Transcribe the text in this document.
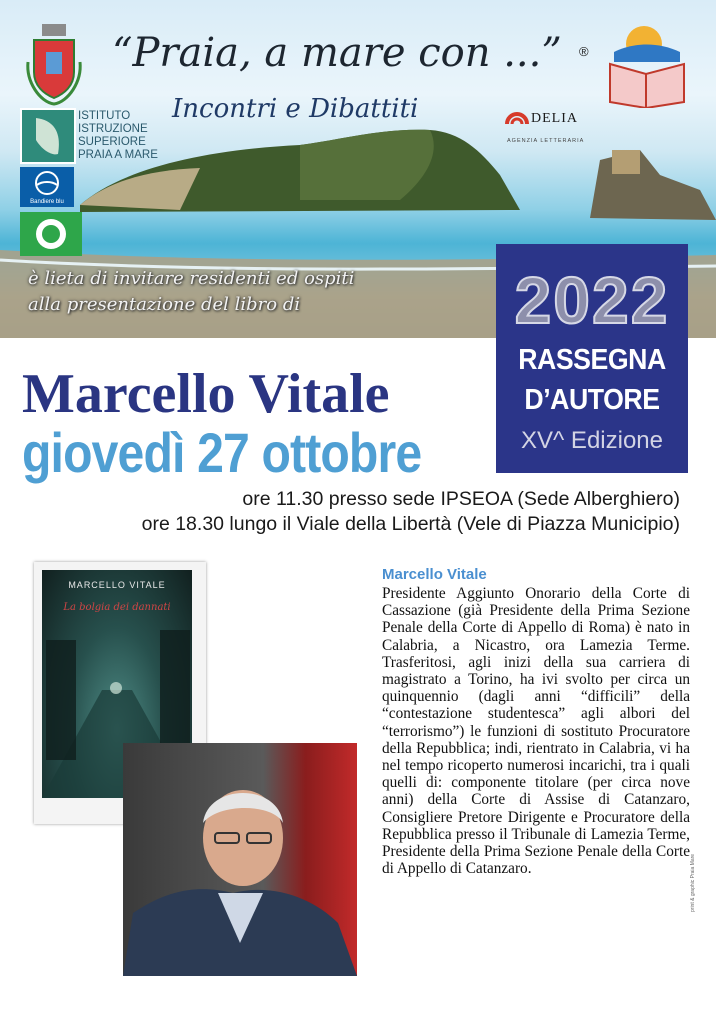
“Praia, a mare con ...” ®
Incontri e Dibattiti
ISTITUTO
ISTRUZIONE
SUPERIORE
PRAIA A MARE
Bandiere blu
DELIA
AGENZIA LETTERARIA
è lieta di invitare residenti ed ospiti
alla presentazione del libro di	2022
RASSEGNA
D’AUTORE
XV^ Edizione
Marcello Vitale
giovedì 27 ottobre
ore 11.30 presso sede IPSEOA (Sede Alberghiero)
ore 18.30 lungo il Viale della Libertà (Vele di Piazza Municipio)
MARCELLO VITALE
La bolgia dei dannati
Marcello Vitale
Presidente Aggiunto Onorario della Corte di Cassazione (già Presidente della Prima Sezione Penale della Corte di Appello di Roma) è nato in Calabria, a Nicastro, ora Lamezia Terme. Trasferitosi, agli inizi della sua carriera di magistrato a Torino, ha ivi svolto per circa un quinquennio (dagli anni “difficili” della “contestazione studentesca” agli albori del “terrorismo”) le funzioni di sostituto Procuratore della Repubblica; indi, rientrato in Calabria, vi ha nel tempo ricoperto numerosi incarichi, tra i quali quelli di: componente titolare (per circa nove anni) della Corte di Assise di Catanzaro, Consigliere Pretore Dirigente e Procuratore della Repubblica presso il Tribunale di Lamezia Terme, Presidente della Prima Sezione Penale della Corte di Appello di Catanzaro.	print & graphic Praia Mare
